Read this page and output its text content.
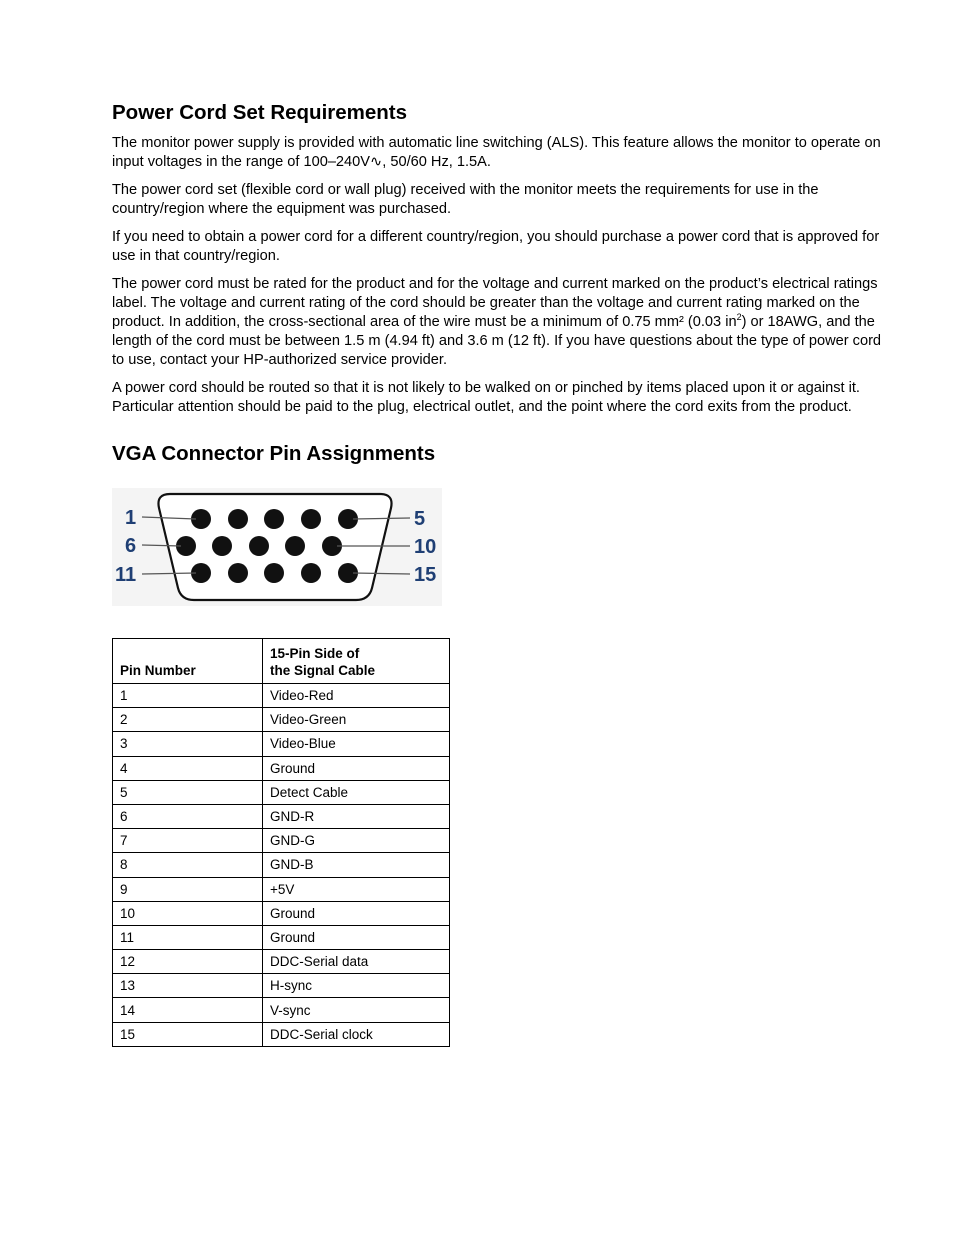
Power Cord Set Requirements

The monitor power supply is provided with automatic line switching (ALS). This feature allows the monitor to operate on input voltages in the range of 100–240V∿, 50/60 Hz, 1.5A.

The power cord set (flexible cord or wall plug) received with the monitor meets the requirements for use in the country/region where the equipment was purchased.

If you need to obtain a power cord for a different country/region, you should purchase a power cord that is approved for use in that country/region.

The power cord must be rated for the product and for the voltage and current marked on the product’s electrical ratings label. The voltage and current rating of the cord should be greater than the voltage and current rating marked on the product. In addition, the cross-sectional area of the wire must be a minimum of 0.75 mm² (0.03 $in^2$) or 18AWG, and the length of the cord must be between 1.5 m (4.94 ft) and 3.6 m (12 ft). If you have questions about the type of power cord to use, contact your HP-authorized service provider.

A power cord should be routed so that it is not likely to be walked on or pinched by items placed upon it or against it. Particular attention should be paid to the plug, electrical outlet, and the point where the cord exits from the product.

VGA Connector Pin Assignments
1
6
11
5
10
15
Pin Number	15-Pin Side of
the Signal Cable
1	Video-Red
2	Video-Green
3	Video-Blue
4	Ground
5	Detect Cable
6	GND-R
7	GND-G
8	GND-B
9	+5V
10	Ground
11	Ground
12	DDC-Serial data
13	H-sync
14	V-sync
15	DDC-Serial clock
